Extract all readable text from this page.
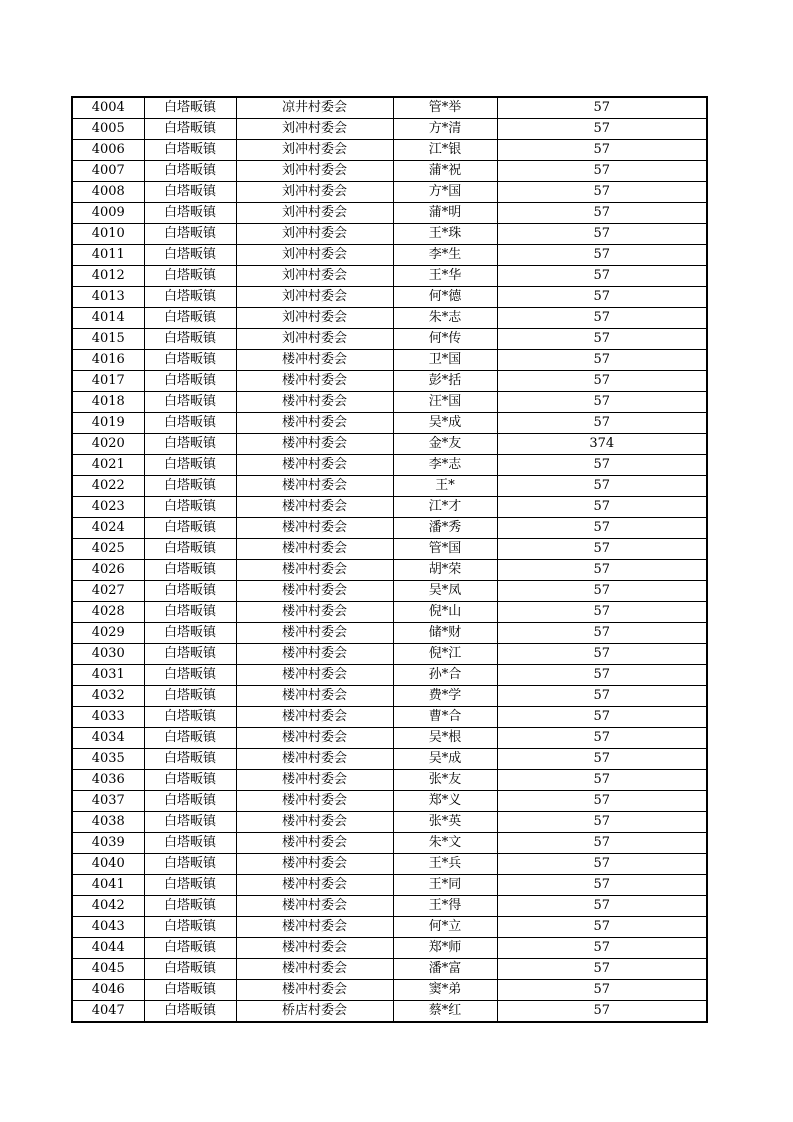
4004	白塔畈镇	凉井村委会	管*举	57
4005	白塔畈镇	刘冲村委会	方*清	57
4006	白塔畈镇	刘冲村委会	江*银	57
4007	白塔畈镇	刘冲村委会	蒲*祝	57
4008	白塔畈镇	刘冲村委会	方*国	57
4009	白塔畈镇	刘冲村委会	蒲*明	57
4010	白塔畈镇	刘冲村委会	王*珠	57
4011	白塔畈镇	刘冲村委会	李*生	57
4012	白塔畈镇	刘冲村委会	王*华	57
4013	白塔畈镇	刘冲村委会	何*德	57
4014	白塔畈镇	刘冲村委会	朱*志	57
4015	白塔畈镇	刘冲村委会	何*传	57
4016	白塔畈镇	楼冲村委会	卫*国	57
4017	白塔畈镇	楼冲村委会	彭*括	57
4018	白塔畈镇	楼冲村委会	汪*国	57
4019	白塔畈镇	楼冲村委会	吴*成	57
4020	白塔畈镇	楼冲村委会	金*友	374
4021	白塔畈镇	楼冲村委会	李*志	57
4022	白塔畈镇	楼冲村委会	王*	57
4023	白塔畈镇	楼冲村委会	江*才	57
4024	白塔畈镇	楼冲村委会	潘*秀	57
4025	白塔畈镇	楼冲村委会	管*国	57
4026	白塔畈镇	楼冲村委会	胡*荣	57
4027	白塔畈镇	楼冲村委会	吴*凤	57
4028	白塔畈镇	楼冲村委会	倪*山	57
4029	白塔畈镇	楼冲村委会	储*财	57
4030	白塔畈镇	楼冲村委会	倪*江	57
4031	白塔畈镇	楼冲村委会	孙*合	57
4032	白塔畈镇	楼冲村委会	费*学	57
4033	白塔畈镇	楼冲村委会	曹*合	57
4034	白塔畈镇	楼冲村委会	吴*根	57
4035	白塔畈镇	楼冲村委会	吴*成	57
4036	白塔畈镇	楼冲村委会	张*友	57
4037	白塔畈镇	楼冲村委会	郑*义	57
4038	白塔畈镇	楼冲村委会	张*英	57
4039	白塔畈镇	楼冲村委会	朱*文	57
4040	白塔畈镇	楼冲村委会	王*兵	57
4041	白塔畈镇	楼冲村委会	王*同	57
4042	白塔畈镇	楼冲村委会	王*得	57
4043	白塔畈镇	楼冲村委会	何*立	57
4044	白塔畈镇	楼冲村委会	郑*师	57
4045	白塔畈镇	楼冲村委会	潘*富	57
4046	白塔畈镇	楼冲村委会	窦*弟	57
4047	白塔畈镇	桥店村委会	蔡*红	57
